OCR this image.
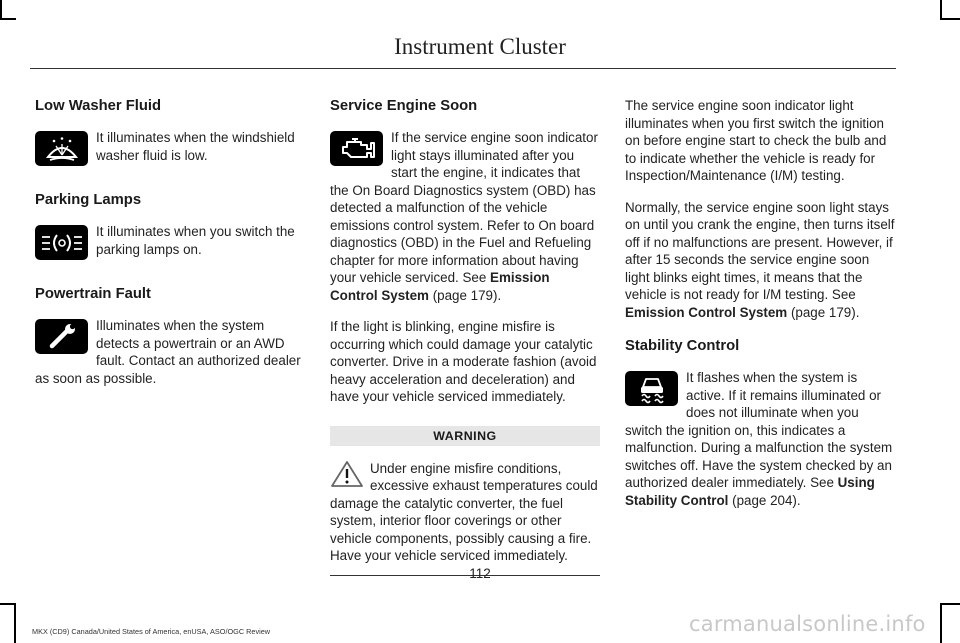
Instrument Cluster
Low Washer Fluid

It illuminates when the windshield washer fluid is low.

Parking Lamps

It illuminates when you switch the parking lamps on.

Powertrain Fault

Illuminates when the system detects a powertrain or an AWD fault. Contact an authorized dealer as soon as possible.

Service Engine Soon

If the service engine soon indicator light stays illuminated after you start the engine, it indicates that the On Board Diagnostics system (OBD) has detected a malfunction of the vehicle emissions control system. Refer to On board diagnostics (OBD) in the Fuel and Refueling chapter for more information about having your vehicle serviced. See Emission Control System (page 179).

If the light is blinking, engine misfire is occurring which could damage your catalytic converter. Drive in a moderate fashion (avoid heavy acceleration and deceleration) and have your vehicle serviced immediately.

WARNING

Under engine misfire conditions, excessive exhaust temperatures could damage the catalytic converter, the fuel system, interior floor coverings or other vehicle components, possibly causing a fire. Have your vehicle serviced immediately.

The service engine soon indicator light illuminates when you first switch the ignition on before engine start to check the bulb and to indicate whether the vehicle is ready for Inspection/Maintenance (I/M) testing.

Normally, the service engine soon light stays on until you crank the engine, then turns itself off if no malfunctions are present. However, if after 15 seconds the service engine soon light blinks eight times, it means that the vehicle is not ready for I/M testing. See Emission Control System (page 179).

Stability Control

It flashes when the system is active. If it remains illuminated or does not illuminate when you switch the ignition on, this indicates a malfunction. During a malfunction the system switches off. Have the system checked by an authorized dealer immediately. See Using Stability Control (page 204).

112
MKX (CD9) Canada/United States of America, enUSA, ASO/OGC Review	carmanualsonline.info
